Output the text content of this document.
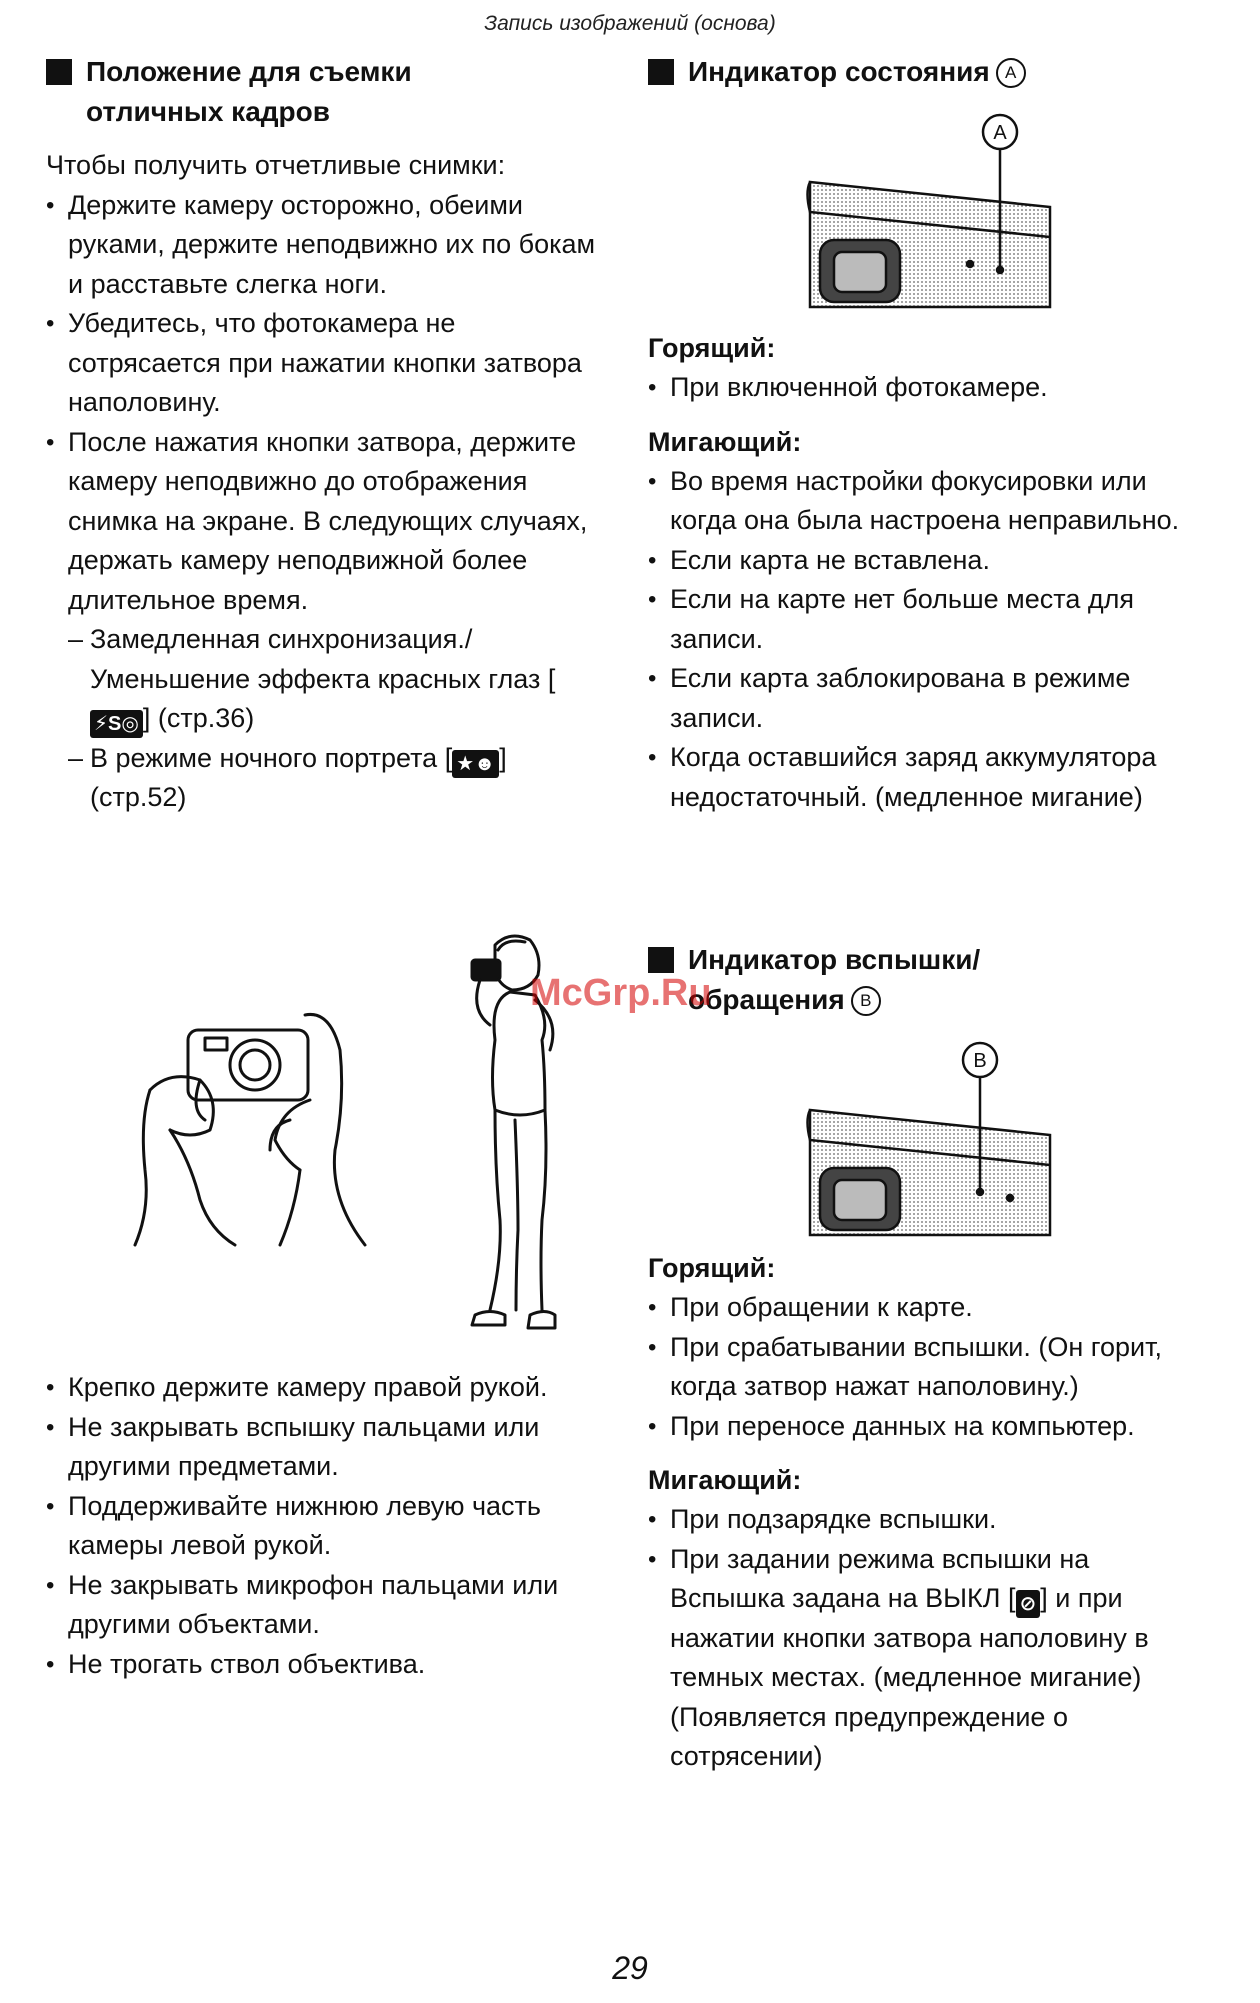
Запись изображений (основа)
Положение для съемки
отличных кадров

Чтобы получить отчетливые снимки:

• Держите камеру осторожно, обеими руками, держите неподвижно их по бокам и расставьте слегка ноги.
• Убедитесь, что фотокамера не сотрясается при нажатии кнопки затвора наполовину.
• После нажатия кнопки затвора, держите камеру неподвижно до отображения снимка на экране. В следующих случаях, держать камеру неподвижной более длительное время.
– Замедленная синхронизация./ Уменьшение эффекта красных глаз [⚡S◎ ] (стр.36)
– В режиме ночного портрета [ ★☻ ] (стр.52)
• Крепко держите камеру правой рукой.
• Не закрывать вспышку пальцами или другими предметами.
• Поддерживайте нижнюю левую часть камеры левой рукой.
• Не закрывать микрофон пальцами или другими объектами.
• Не трогать ствол объектива.
Индикатор состояния A
A

Горящий:

• При включенной фотокамере.

Мигающий:

• Во время настройки фокусировки или когда она была настроена неправильно.
• Если карта не вставлена.
• Если на карте нет больше места для записи.
• Если карта заблокирована в режиме записи.
• Когда оставшийся заряд аккумулятора недостаточный. (медленное мигание)
Индикатор вспышки/
обращения B
B

Горящий:

• При обращении к карте.
• При срабатывании вспышки. (Он горит, когда затвор нажат наполовину.)
• При переносе данных на компьютер.

Мигающий:

• При подзарядке вспышки.
• При задании режима вспышки на Вспышка задана на ВЫКЛ [ ⊘ ] и при нажатии кнопки затвора наполовину в темных местах. (медленное мигание) (Появляется предупреждение о сотрясении)
McGrp.Ru
29
